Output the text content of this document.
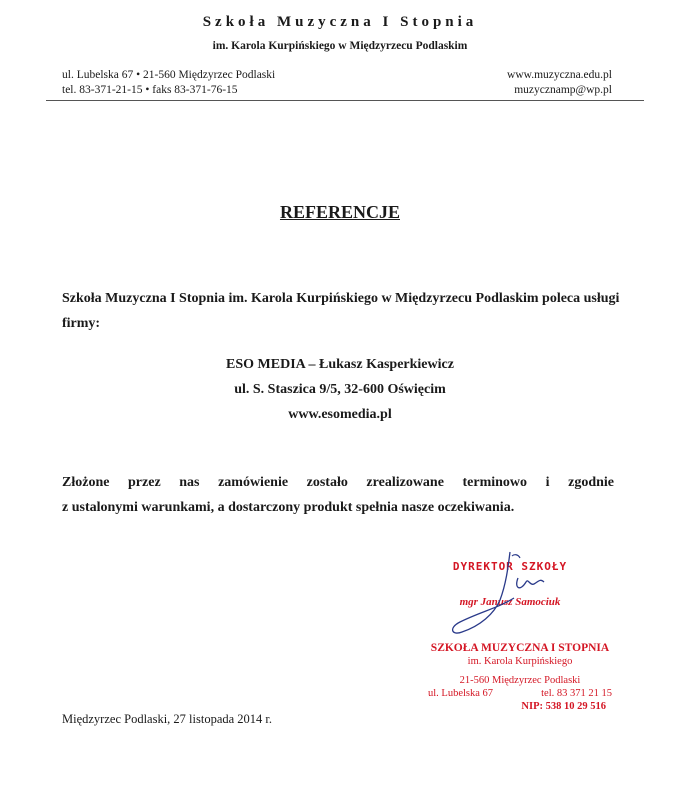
Szkoła Muzyczna I Stopnia
im. Karola Kurpińskiego w Międzyrzecu Podlaskim
ul. Lubelska 67 • 21-560 Międzyrzec Podlaski
tel. 83-371-21-15 • faks 83-371-76-15
www.muzyczna.edu.pl
muzycznamp@wp.pl
REFERENCJE
Szkoła Muzyczna I Stopnia im. Karola Kurpińskiego w Międzyrzecu Podlaskim poleca usługi firmy:
ESO MEDIA – Łukasz Kasperkiewicz
ul. S. Staszica 9/5, 32-600 Oświęcim
www.esomedia.pl
Złożone przez nas zamówienie zostało zrealizowane terminowo i zgodnie
z ustalonymi warunkami, a dostarczony produkt spełnia nasze oczekiwania.
DYREKTOR SZKOŁY
mgr Janusz Samociuk
SZKOŁA MUZYCZNA I STOPNIA
im. Karola Kurpińskiego
21-560 Międzyrzec Podlaski
ul. Lubelska 67	tel. 83 371 21 15
NIP: 538 10 29 516
Międzyrzec Podlaski, 27 listopada 2014 r.
